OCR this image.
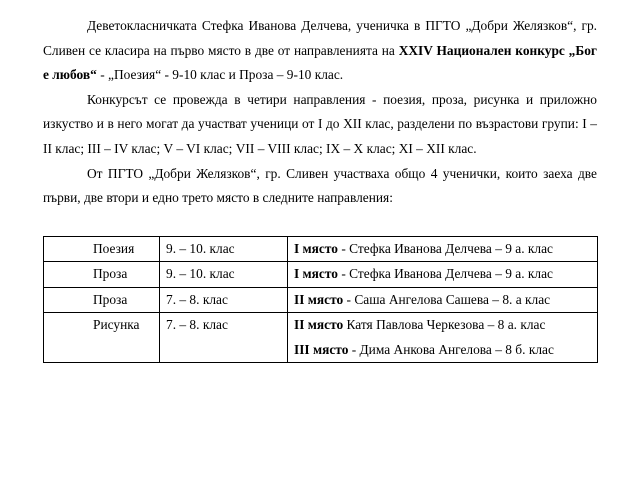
Деветокласничката Стефка Иванова Делчева, ученичка в ПГТО „Добри Желязков“, гр. Сливен се класира на първо място в две от направленията на XXIV Национален конкурс „Бог е любов“ - „Поезия“ - 9-10 клас и Проза – 9-10 клас.

Конкурсът се провежда в четири направления - поезия, проза, рисунка и приложно изкуство и в него могат да участват ученици от I до XII клас, разделени по възрастови групи: I – II клас; III – IV клас; V – VI клас; VII – VIII клас; IX – X клас; XI – XII клас.

От ПГТО „Добри Желязков“, гр. Сливен участваха общо 4 ученички, които заеха две първи, две втори и едно трето място в следните направления:

Поезия	9. – 10. клас	I място - Стефка Иванова Делчева – 9 а. клас

Проза	9. – 10. клас	I място - Стефка Иванова Делчева – 9 а. клас

Проза	7. – 8. клас	II място - Саша Ангелова Сашева – 8. а клас

Рисунка	7. – 8. клас	II място Катя Павлова Черкезова – 8 а. клас
III място - Дима Анкова Ангелова – 8 б. клас
